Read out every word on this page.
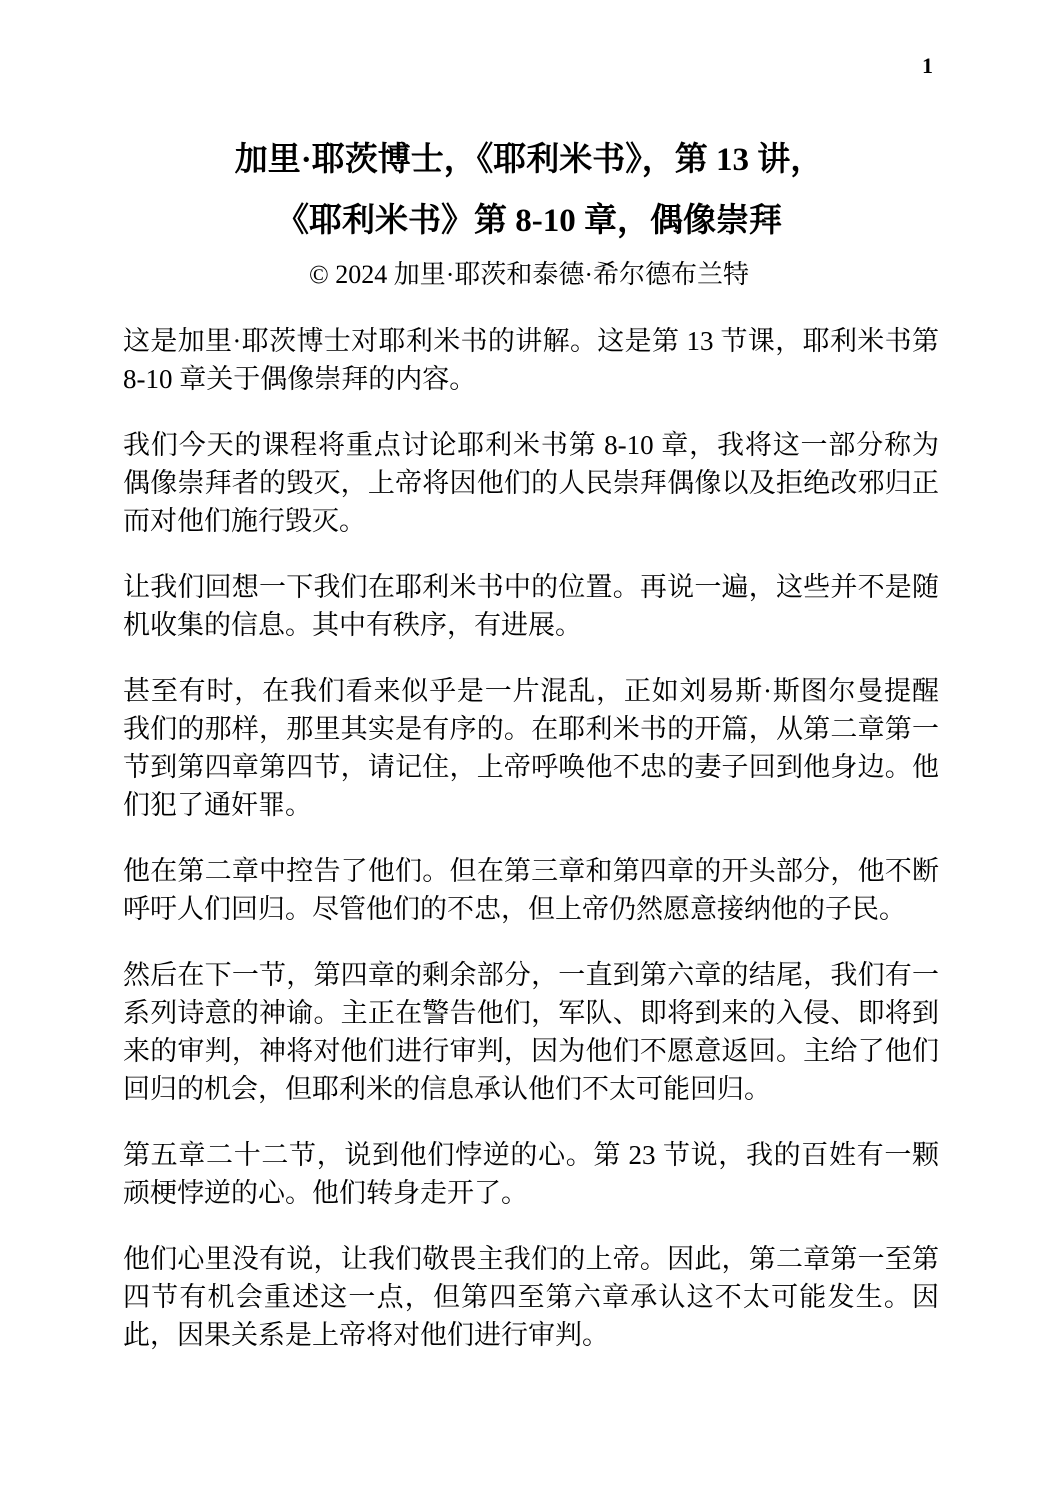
1
加里·耶茨博士，《耶利米书》，第 13 讲，
《耶利米书》第 8-10 章，偶像崇拜
© 2024 加里·耶茨和泰德·希尔德布兰特

这是加里·耶茨博士对耶利米书的讲解。这是第 13 节课，耶利米书第 8-10 章关于偶像崇拜的内容。

我们今天的课程将重点讨论耶利米书第 8-10 章，我将这一部分称为偶像崇拜者的毁灭，上帝将因他们的人民崇拜偶像以及拒绝改邪归正而对他们施行毁灭。

让我们回想一下我们在耶利米书中的位置。再说一遍，这些并不是随机收集的信息。其中有秩序，有进展。

甚至有时，在我们看来似乎是一片混乱，正如刘易斯·斯图尔曼提醒我们的那样，那里其实是有序的。在耶利米书的开篇，从第二章第一节到第四章第四节，请记住，上帝呼唤他不忠的妻子回到他身边。他们犯了通奸罪。

他在第二章中控告了他们。但在第三章和第四章的开头部分，他不断呼吁人们回归。尽管他们的不忠，但上帝仍然愿意接纳他的子民。

然后在下一节，第四章的剩余部分，一直到第六章的结尾，我们有一系列诗意的神谕。主正在警告他们，军队、即将到来的入侵、即将到来的审判，神将对他们进行审判，因为他们不愿意返回。主给了他们回归的机会，但耶利米的信息承认他们不太可能回归。

第五章二十二节，说到他们悖逆的心。第 23 节说，我的百姓有一颗顽梗悖逆的心。他们转身走开了。

他们心里没有说，让我们敬畏主我们的上帝。因此，第二章第一至第四节有机会重述这一点，但第四至第六章承认这不太可能发生。因此，因果关系是上帝将对他们进行审判。
